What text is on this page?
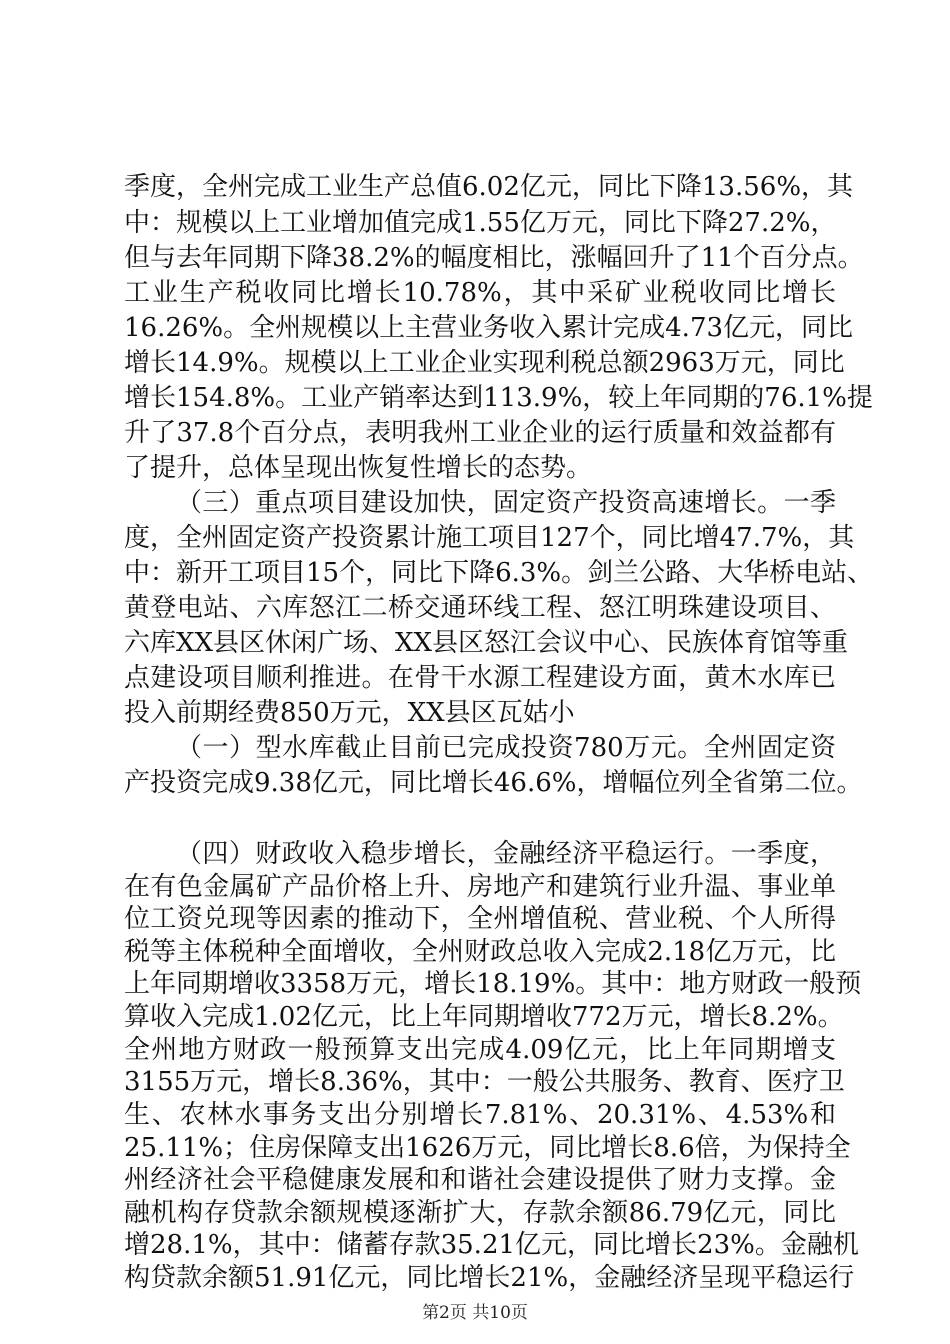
季度，全州完成工业生产总值6.02亿元，同比下降13.56%，其
中：规模以上工业增加值完成1.55亿万元，同比下降27.2%，
但与去年同期下降38.2%的幅度相比，涨幅回升了11个百分点。
工业生产税收同比增长10.78%，其中采矿业税收同比增长
16.26%。全州规模以上主营业务收入累计完成4.73亿元，同比
增长14.9%。规模以上工业企业实现利税总额2963万元，同比
增长154.8%。工业产销率达到113.9%，较上年同期的76.1%提
升了37.8个百分点，表明我州工业企业的运行质量和效益都有
了提升，总体呈现出恢复性增长的态势。
（三）重点项目建设加快，固定资产投资高速增长。一季
度，全州固定资产投资累计施工项目127个，同比增47.7%，其
中：新开工项目15个，同比下降6.3%。剑兰公路、大华桥电站、
黄登电站、六库怒江二桥交通环线工程、怒江明珠建设项目、
六库XX县区休闲广场、XX县区怒江会议中心、民族体育馆等重
点建设项目顺利推进。在骨干水源工程建设方面，黄木水库已
投入前期经费850万元，XX县区瓦姑小
（一）型水库截止目前已完成投资780万元。全州固定资
产投资完成9.38亿元，同比增长46.6%，增幅位列全省第二位。
（四）财政收入稳步增长，金融经济平稳运行。一季度，
在有色金属矿产品价格上升、房地产和建筑行业升温、事业单
位工资兑现等因素的推动下，全州增值税、营业税、个人所得
税等主体税种全面增收，全州财政总收入完成2.18亿万元，比
上年同期增收3358万元，增长18.19%。其中：地方财政一般预
算收入完成1.02亿元，比上年同期增收772万元，增长8.2%。
全州地方财政一般预算支出完成4.09亿元，比上年同期增支
3155万元，增长8.36%，其中：一般公共服务、教育、医疗卫
生、农林水事务支出分别增长7.81%、20.31%、4.53%和
25.11%；住房保障支出1626万元，同比增长8.6倍，为保持全
州经济社会平稳健康发展和和谐社会建设提供了财力支撑。金
融机构存贷款余额规模逐渐扩大，存款余额86.79亿元，同比
增28.1%，其中：储蓄存款35.21亿元，同比增长23%。金融机
构贷款余额51.91亿元，同比增长21%，金融经济呈现平稳运行
第2页 共10页
